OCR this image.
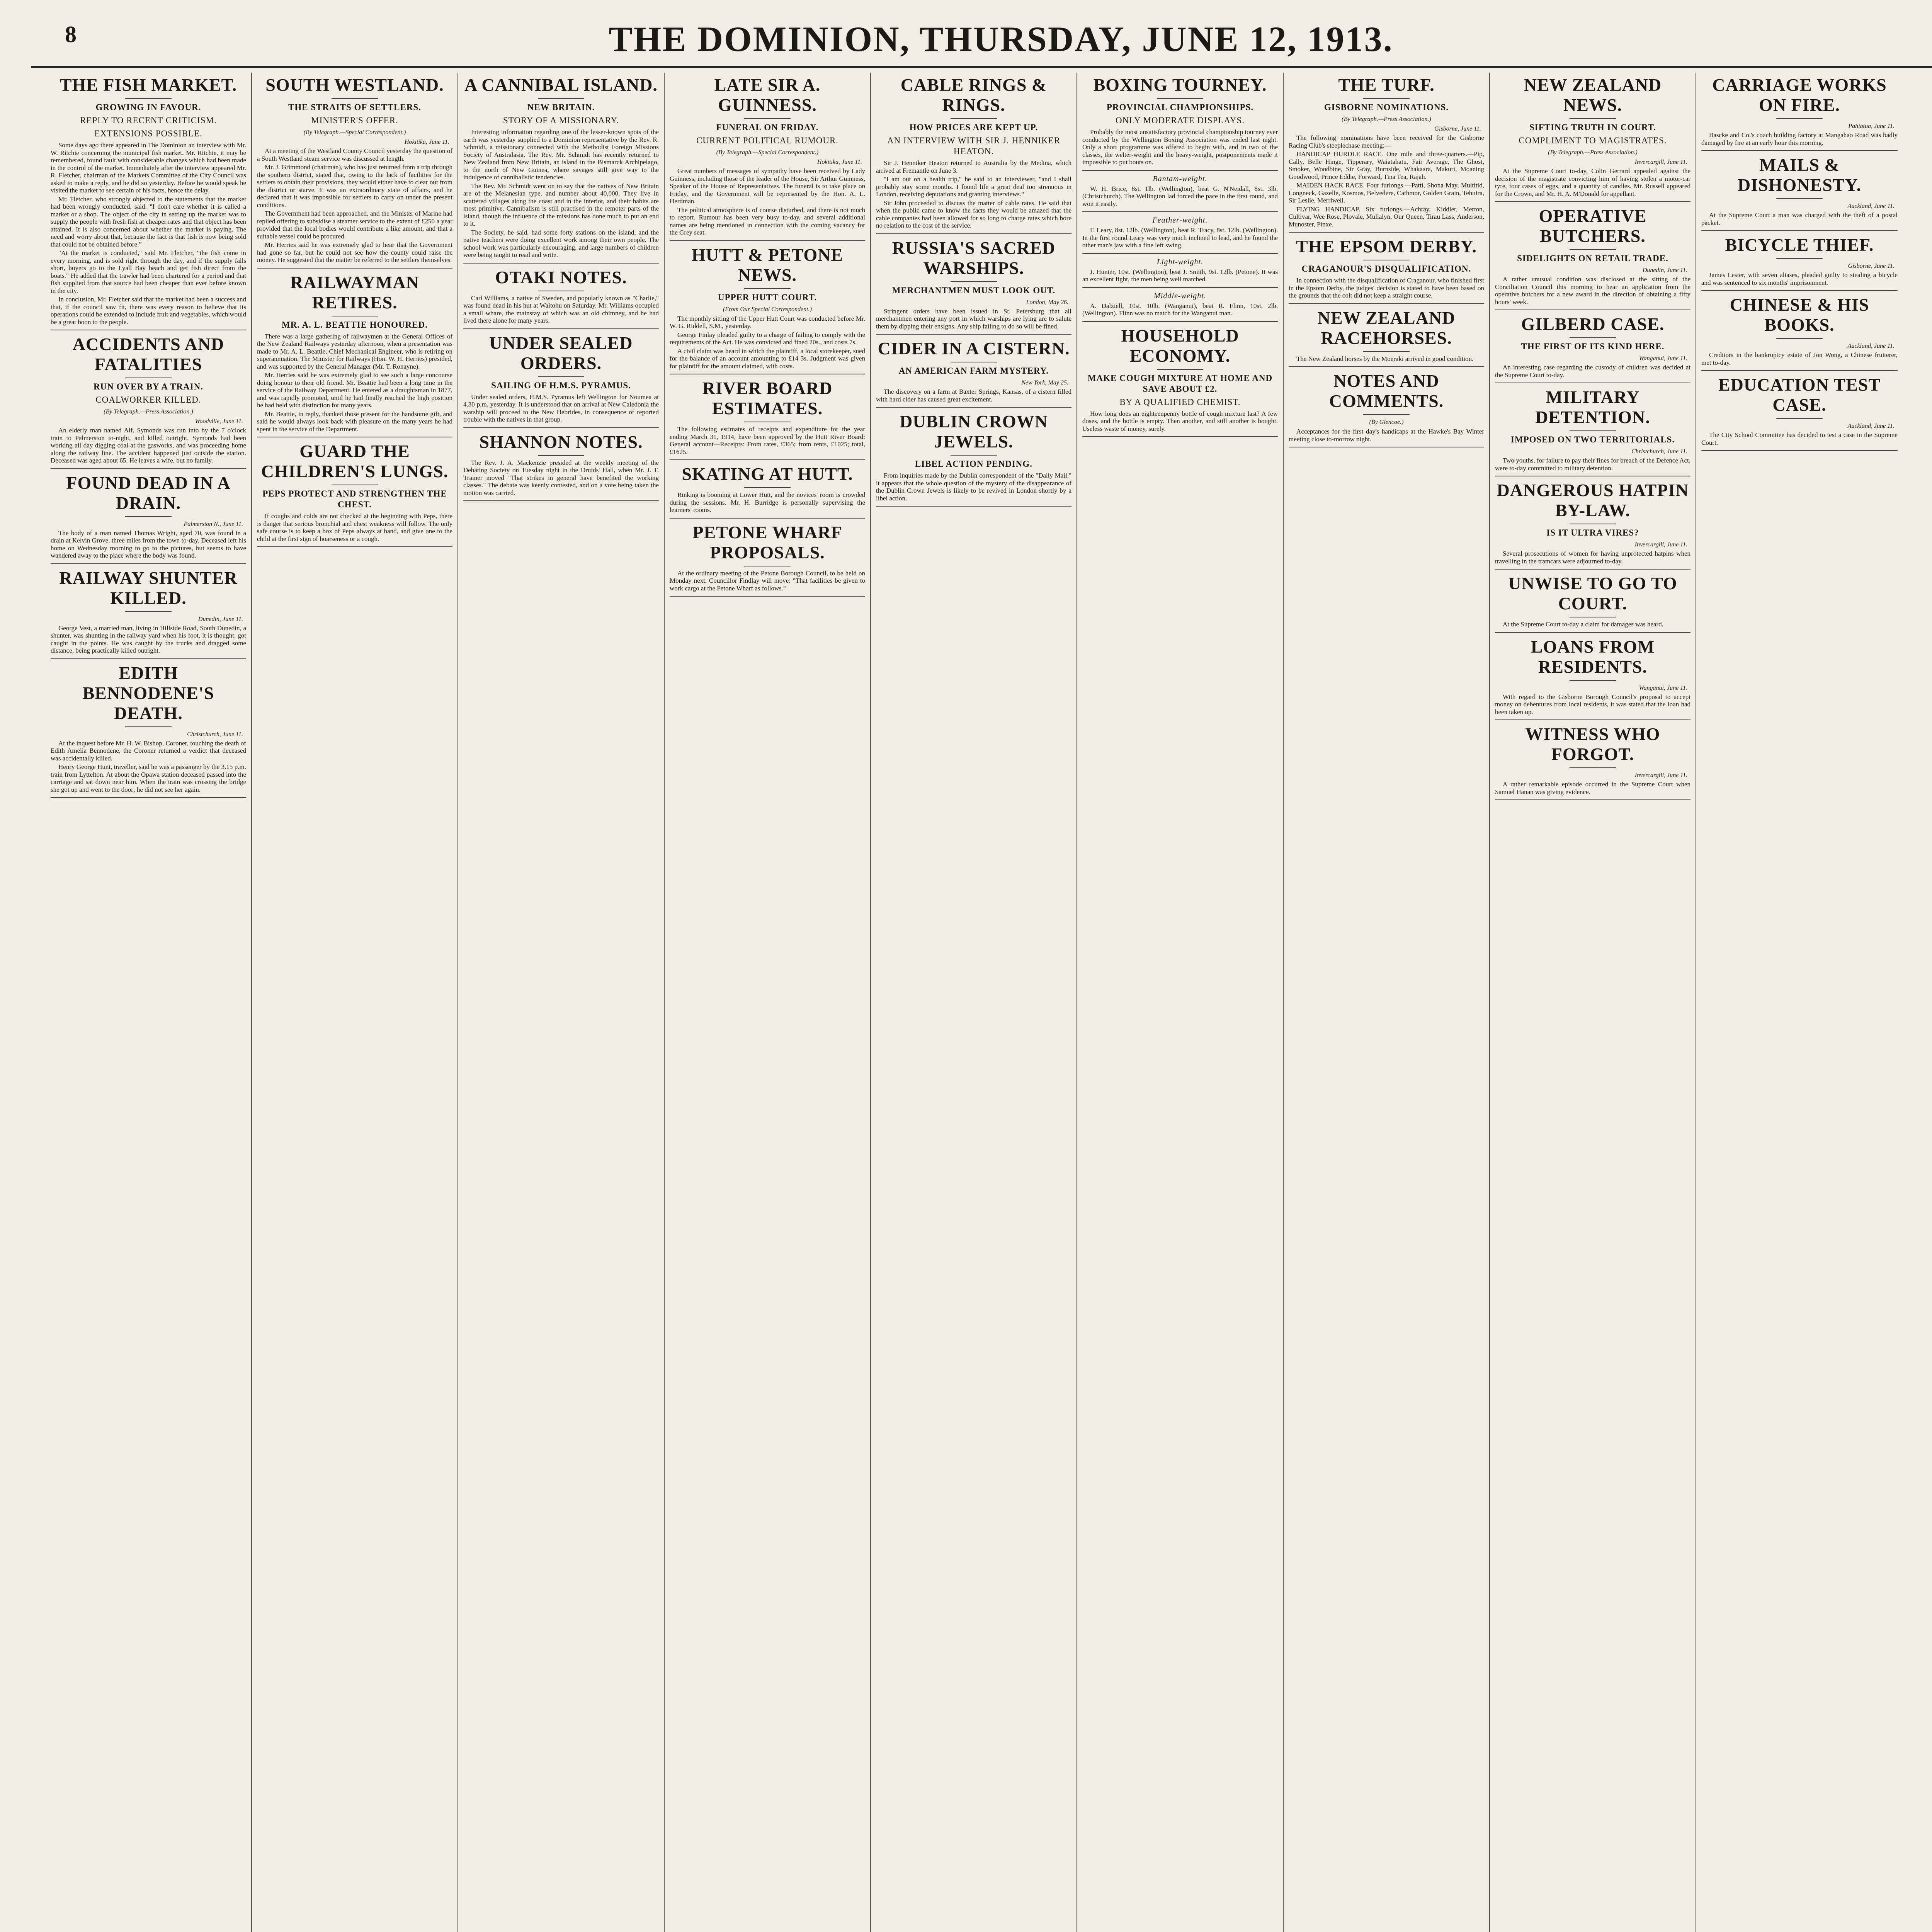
8	THE DOMINION, THURSDAY, JUNE 12, 1913.
THE FISH MARKET.
GROWING IN FAVOUR.
REPLY TO RECENT CRITICISM.
EXTENSIONS POSSIBLE.

Some days ago there appeared in The Dominion an interview with Mr. W. Ritchie concerning the municipal fish market. Mr. Ritchie, it may be remembered, found fault with considerable changes which had been made in the control of the market. Immediately after the interview appeared Mr. R. Fletcher, chairman of the Markets Committee of the City Council was asked to make a reply, and he did so yesterday. Before he would speak he visited the market to see certain of his facts, hence the delay.

Mr. Fletcher, who strongly objected to the statements that the market had been wrongly conducted, said: "I don't care whether it is called a market or a shop. The object of the city in setting up the market was to supply the people with fresh fish at cheaper rates and that object has been attained. It is also concerned about whether the market is paying. The need and worry about that, because the fact is that fish is now being sold that could not be obtained before."

"At the market is conducted," said Mr. Fletcher, "the fish come in every morning, and is sold right through the day, and if the supply falls short, buyers go to the Lyall Bay beach and get fish direct from the boats." He added that the trawler had been chartered for a period and that fish supplied from that source had been cheaper than ever before known in the city.

In conclusion, Mr. Fletcher said that the market had been a success and that, if the council saw fit, there was every reason to believe that its operations could be extended to include fruit and vegetables, which would be a great boon to the people.

ACCIDENTS AND FATALITIES
RUN OVER BY A TRAIN.
COALWORKER KILLED.
(By Telegraph.—Press Association.)
Woodville, June 11.

An elderly man named Alf. Symonds was run into by the 7 o'clock train to Palmerston to-night, and killed outright. Symonds had been working all day digging coal at the gasworks, and was proceeding home along the railway line. The accident happened just outside the station. Deceased was aged about 65. He leaves a wife, but no family.

FOUND DEAD IN A DRAIN.
Palmerston N., June 11.

The body of a man named Thomas Wright, aged 70, was found in a drain at Kelvin Grove, three miles from the town to-day. Deceased left his home on Wednesday morning to go to the pictures, but seems to have wandered away to the place where the body was found.

RAILWAY SHUNTER KILLED.
Dunedin, June 11.

George Vest, a married man, living in Hillside Road, South Dunedin, a shunter, was shunting in the railway yard when his foot, it is thought, got caught in the points. He was caught by the trucks and dragged some distance, being practically killed outright.

EDITH BENNODENE'S DEATH.
Christchurch, June 11.

At the inquest before Mr. H. W. Bishop, Coroner, touching the death of Edith Amelia Bennodene, the Coroner returned a verdict that deceased was accidentally killed.

Henry George Hunt, traveller, said he was a passenger by the 3.15 p.m. train from Lyttelton. At about the Opawa station deceased passed into the carriage and sat down near him. When the train was crossing the bridge she got up and went to the door; he did not see her again.

SOUTH WESTLAND.
THE STRAITS OF SETTLERS.
MINISTER'S OFFER.
(By Telegraph.—Special Correspondent.)
Hokitika, June 11.

At a meeting of the Westland County Council yesterday the question of a South Westland steam service was discussed at length.

Mr. J. Grimmond (chairman), who has just returned from a trip through the southern district, stated that, owing to the lack of facilities for the settlers to obtain their provisions, they would either have to clear out from the district or starve. It was an extraordinary state of affairs, and he declared that it was impossible for settlers to carry on under the present conditions.

The Government had been approached, and the Minister of Marine had replied offering to subsidise a steamer service to the extent of £250 a year provided that the local bodies would contribute a like amount, and that a suitable vessel could be procured.

Mr. Herries said he was extremely glad to hear that the Government had gone so far, but he could not see how the county could raise the money. He suggested that the matter be referred to the settlers themselves.

RAILWAYMAN RETIRES.
MR. A. L. BEATTIE HONOURED.

There was a large gathering of railwaymen at the General Offices of the New Zealand Railways yesterday afternoon, when a presentation was made to Mr. A. L. Beattie, Chief Mechanical Engineer, who is retiring on superannuation. The Minister for Railways (Hon. W. H. Herries) presided, and was supported by the General Manager (Mr. T. Ronayne).

Mr. Herries said he was extremely glad to see such a large concourse doing honour to their old friend. Mr. Beattie had been a long time in the service of the Railway Department. He entered as a draughtsman in 1877, and was rapidly promoted, until he had finally reached the high position he had held with distinction for many years.

Mr. Beattie, in reply, thanked those present for the handsome gift, and said he would always look back with pleasure on the many years he had spent in the service of the Department.

GUARD THE CHILDREN'S LUNGS.
PEPS PROTECT AND STRENGTHEN THE CHEST.

If coughs and colds are not checked at the beginning with Peps, there is danger that serious bronchial and chest weakness will follow. The only safe course is to keep a box of Peps always at hand, and give one to the child at the first sign of hoarseness or a cough.

A CANNIBAL ISLAND.
NEW BRITAIN.
STORY OF A MISSIONARY.

Interesting information regarding one of the lesser-known spots of the earth was yesterday supplied to a Dominion representative by the Rev. R. Schmidt, a missionary connected with the Methodist Foreign Missions Society of Australasia. The Rev. Mr. Schmidt has recently returned to New Zealand from New Britain, an island in the Bismarck Archipelago, to the north of New Guinea, where savages still give way to the indulgence of cannibalistic tendencies.

The Rev. Mr. Schmidt went on to say that the natives of New Britain are of the Melanesian type, and number about 40,000. They live in scattered villages along the coast and in the interior, and their habits are most primitive. Cannibalism is still practised in the remoter parts of the island, though the influence of the missions has done much to put an end to it.

The Society, he said, had some forty stations on the island, and the native teachers were doing excellent work among their own people. The school work was particularly encouraging, and large numbers of children were being taught to read and write.

OTAKI NOTES.

Carl Williams, a native of Sweden, and popularly known as "Charlie," was found dead in his hut at Waitohu on Saturday. Mr. Williams occupied a small whare, the mainstay of which was an old chimney, and he had lived there alone for many years.

UNDER SEALED ORDERS.
SAILING OF H.M.S. PYRAMUS.

Under sealed orders, H.M.S. Pyramus left Wellington for Noumea at 4.30 p.m. yesterday. It is understood that on arrival at New Caledonia the warship will proceed to the New Hebrides, in consequence of reported trouble with the natives in that group.

SHANNON NOTES.

The Rev. J. A. Mackenzie presided at the weekly meeting of the Debating Society on Tuesday night in the Druids' Hall, when Mr. J. T. Trainer moved "That strikes in general have benefited the working classes." The debate was keenly contested, and on a vote being taken the motion was carried.

LATE SIR A. GUINNESS.
FUNERAL ON FRIDAY.
CURRENT POLITICAL RUMOUR.
(By Telegraph.—Special Correspondent.)
Hokitika, June 11.

Great numbers of messages of sympathy have been received by Lady Guinness, including those of the leader of the House, Sir Arthur Guinness, Speaker of the House of Representatives. The funeral is to take place on Friday, and the Government will be represented by the Hon. A. L. Herdman.

The political atmosphere is of course disturbed, and there is not much to report. Rumour has been very busy to-day, and several additional names are being mentioned in connection with the coming vacancy for the Grey seat.

HUTT & PETONE NEWS.
UPPER HUTT COURT.
(From Our Special Correspondent.)

The monthly sitting of the Upper Hutt Court was conducted before Mr. W. G. Riddell, S.M., yesterday.

George Finlay pleaded guilty to a charge of failing to comply with the requirements of the Act. He was convicted and fined 20s., and costs 7s.

A civil claim was heard in which the plaintiff, a local storekeeper, sued for the balance of an account amounting to £14 3s. Judgment was given for plaintiff for the amount claimed, with costs.

RIVER BOARD ESTIMATES.

The following estimates of receipts and expenditure for the year ending March 31, 1914, have been approved by the Hutt River Board: General account—Receipts: From rates, £365; from rents, £1025; total, £1625.

SKATING AT HUTT.

Rinking is booming at Lower Hutt, and the novices' room is crowded during the sessions. Mr. H. Burridge is personally supervising the learners' rooms.

PETONE WHARF PROPOSALS.

At the ordinary meeting of the Petone Borough Council, to be held on Monday next, Councillor Findlay will move: "That facilities be given to work cargo at the Petone Wharf as follows."

CABLE RINGS & RINGS.
HOW PRICES ARE KEPT UP.
AN INTERVIEW WITH SIR J. HENNIKER HEATON.

Sir J. Henniker Heaton returned to Australia by the Medina, which arrived at Fremantle on June 3.

"I am out on a health trip," he said to an interviewer, "and I shall probably stay some months. I found life a great deal too strenuous in London, receiving deputations and granting interviews."

Sir John proceeded to discuss the matter of cable rates. He said that when the public came to know the facts they would be amazed that the cable companies had been allowed for so long to charge rates which bore no relation to the cost of the service.

RUSSIA'S SACRED WARSHIPS.
MERCHANTMEN MUST LOOK OUT.
London, May 26.

Stringent orders have been issued in St. Petersburg that all merchantmen entering any port in which warships are lying are to salute them by dipping their ensigns. Any ship failing to do so will be fined.

CIDER IN A CISTERN.
AN AMERICAN FARM MYSTERY.
New York, May 25.

The discovery on a farm at Baxter Springs, Kansas, of a cistern filled with hard cider has caused great excitement.

DUBLIN CROWN JEWELS.
LIBEL ACTION PENDING.

From inquiries made by the Dublin correspondent of the "Daily Mail," it appears that the whole question of the mystery of the disappearance of the Dublin Crown Jewels is likely to be revived in London shortly by a libel action.

BOXING TOURNEY.
PROVINCIAL CHAMPIONSHIPS.
ONLY MODERATE DISPLAYS.

Probably the most unsatisfactory provincial championship tourney ever conducted by the Wellington Boxing Association was ended last night. Only a short programme was offered to begin with, and in two of the classes, the welter-weight and the heavy-weight, postponements made it impossible to put bouts on.

Bantam-weight.

W. H. Brice, 8st. 1lb. (Wellington), beat G. N'Neidall, 8st. 3lb. (Christchurch). The Wellington lad forced the pace in the first round, and won it easily.

Feather-weight.

F. Leary, 8st. 12lb. (Wellington), beat R. Tracy, 8st. 12lb. (Wellington). In the first round Leary was very much inclined to lead, and he found the other man's jaw with a fine left swing.

Light-weight.

J. Hunter, 10st. (Wellington), beat J. Smith, 9st. 12lb. (Petone). It was an excellent fight, the men being well matched.

Middle-weight.

A. Dalziell, 10st. 10lb. (Wanganui), beat R. Flinn, 10st. 2lb. (Wellington). Flinn was no match for the Wanganui man.

HOUSEHOLD ECONOMY.
MAKE COUGH MIXTURE AT HOME AND SAVE ABOUT £2.
BY A QUALIFIED CHEMIST.

How long does an eighteenpenny bottle of cough mixture last? A few doses, and the bottle is empty. Then another, and still another is bought. Useless waste of money, surely.

THE TURF.
GISBORNE NOMINATIONS.
(By Telegraph.—Press Association.)
Gisborne, June 11.

The following nominations have been received for the Gisborne Racing Club's steeplechase meeting:—

HANDICAP HURDLE RACE. One mile and three-quarters.—Pip, Cally, Belle Hinge, Tipperary, Waiatahatu, Fair Average, The Ghost, Smoker, Woodbine, Sir Gray, Burnside, Whakaara, Makuri, Moaning Goodwood, Prince Eddie, Forward, Tina Tea, Rajah.

MAIDEN HACK RACE. Four furlongs.—Patti, Shona May, Multitid, Longneck, Gazelle, Kosmos, Belvedere, Cathmor, Golden Grain, Tehuira, Sir Leslie, Merriwell.

FLYING HANDICAP. Six furlongs.—Achray, Kiddler, Merton, Cultivar, Wee Rose, Plovale, Mullalyn, Our Queen, Tirau Lass, Anderson, Munoster, Pinxe.

THE EPSOM DERBY.
CRAGANOUR'S DISQUALIFICATION.

In connection with the disqualification of Craganour, who finished first in the Epsom Derby, the judges' decision is stated to have been based on the grounds that the colt did not keep a straight course.

NEW ZEALAND RACEHORSES.

The New Zealand horses by the Moeraki arrived in good condition.

NOTES AND COMMENTS.
(By Glencoe.)

Acceptances for the first day's handicaps at the Hawke's Bay Winter meeting close to-morrow night.

NEW ZEALAND NEWS.
SIFTING TRUTH IN COURT.
COMPLIMENT TO MAGISTRATES.
(By Telegraph.—Press Association.)
Invercargill, June 11.

At the Supreme Court to-day, Colin Gerrard appealed against the decision of the magistrate convicting him of having stolen a motor-car tyre, four cases of eggs, and a quantity of candles. Mr. Russell appeared for the Crown, and Mr. H. A. M'Donald for appellant.

OPERATIVE BUTCHERS.
SIDELIGHTS ON RETAIL TRADE.
Dunedin, June 11.

A rather unusual condition was disclosed at the sitting of the Conciliation Council this morning to hear an application from the operative butchers for a new award in the direction of obtaining a fifty hours' week.

GILBERD CASE.
THE FIRST OF ITS KIND HERE.
Wanganui, June 11.

An interesting case regarding the custody of children was decided at the Supreme Court to-day.

MILITARY DETENTION.
IMPOSED ON TWO TERRITORIALS.
Christchurch, June 11.

Two youths, for failure to pay their fines for breach of the Defence Act, were to-day committed to military detention.

DANGEROUS HATPIN BY-LAW.
IS IT ULTRA VIRES?
Invercargill, June 11.

Several prosecutions of women for having unprotected hatpins when travelling in the tramcars were adjourned to-day.

UNWISE TO GO TO COURT.

At the Supreme Court to-day a claim for damages was heard.

LOANS FROM RESIDENTS.
Wanganui, June 11.

With regard to the Gisborne Borough Council's proposal to accept money on debentures from local residents, it was stated that the loan had been taken up.

WITNESS WHO FORGOT.
Invercargill, June 11.

A rather remarkable episode occurred in the Supreme Court when Samuel Hanan was giving evidence.

CARRIAGE WORKS ON FIRE.
Pahiatua, June 11.

Bascke and Co.'s coach building factory at Mangahao Road was badly damaged by fire at an early hour this morning.

MAILS & DISHONESTY.
Auckland, June 11.

At the Supreme Court a man was charged with the theft of a postal packet.

BICYCLE THIEF.
Gisborne, June 11.

James Lester, with seven aliases, pleaded guilty to stealing a bicycle and was sentenced to six months' imprisonment.

CHINESE & HIS BOOKS.
Auckland, June 11.

Creditors in the bankruptcy estate of Jon Wong, a Chinese fruiterer, met to-day.

EDUCATION TEST CASE.
Auckland, June 11.

The City School Committee has decided to test a case in the Supreme Court.
